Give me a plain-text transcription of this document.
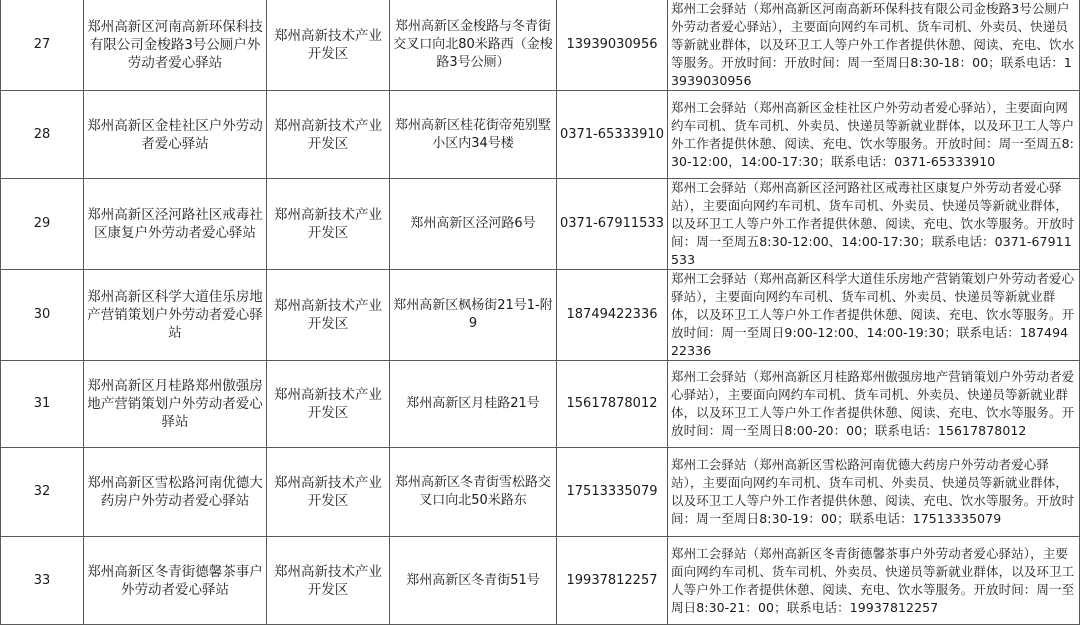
27	郑州高新区河南高新环保科技有限公司金梭路3号公厕户外劳动者爱心驿站	郑州高新技术产业开发区	郑州高新区金梭路与冬青街交叉口向北80米路西（金梭路3号公厕）	13939030956	郑州工会驿站（郑州高新区河南高新环保科技有限公司金梭路3号公厕户外劳动者爱心驿站），主要面向网约车司机、货车司机、外卖员、快递员等新就业群体，以及环卫工人等户外工作者提供休憩、阅读、充电、饮水等服务。开放时间：开放时间：周一至周日8:30-18：00；联系电话：13939030956
28	郑州高新区金桂社区户外劳动者爱心驿站	郑州高新技术产业开发区	郑州高新区桂花街帝苑别墅小区内34号楼	0371-65333910	郑州工会驿站（郑州高新区金桂社区户外劳动者爱心驿站），主要面向网约车司机、货车司机、外卖员、快递员等新就业群体，以及环卫工人等户外工作者提供休憩、阅读、充电、饮水等服务。开放时间：周一至周五8:30-12:00，14:00-17:30；联系电话：0371-65333910
29	郑州高新区泾河路社区戒毒社区康复户外劳动者爱心驿站	郑州高新技术产业开发区	郑州高新区泾河路6号	0371-67911533	郑州工会驿站（郑州高新区泾河路社区戒毒社区康复户外劳动者爱心驿站），主要面向网约车司机、货车司机、外卖员、快递员等新就业群体，以及环卫工人等户外工作者提供休憩、阅读、充电、饮水等服务。开放时间：周一至周五8:30-12:00、14:00-17:30；联系电话：0371-67911533
30	郑州高新区科学大道佳乐房地产营销策划户外劳动者爱心驿站	郑州高新技术产业开发区	郑州高新区枫杨街21号1-附9	18749422336	郑州工会驿站（郑州高新区科学大道佳乐房地产营销策划户外劳动者爱心驿站），主要面向网约车司机、货车司机、外卖员、快递员等新就业群体，以及环卫工人等户外工作者提供休憩、阅读、充电、饮水等服务。开放时间：周一至周日9:00-12:00、14:00-19:30；联系电话：18749422336
31	郑州高新区月桂路郑州傲强房地产营销策划户外劳动者爱心驿站	郑州高新技术产业开发区	郑州高新区月桂路21号	15617878012	郑州工会驿站（郑州高新区月桂路郑州傲强房地产营销策划户外劳动者爱心驿站），主要面向网约车司机、货车司机、外卖员、快递员等新就业群体，以及环卫工人等户外工作者提供休憩、阅读、充电、饮水等服务。开放时间：周一至周日8:00-20：00；联系电话：15617878012
32	郑州高新区雪松路河南优德大药房户外劳动者爱心驿站	郑州高新技术产业开发区	郑州高新区冬青街雪松路交叉口向北50米路东	17513335079	郑州工会驿站（郑州高新区雪松路河南优德大药房户外劳动者爱心驿站），主要面向网约车司机、货车司机、外卖员、快递员等新就业群体，以及环卫工人等户外工作者提供休憩、阅读、充电、饮水等服务。开放时间：周一至周日8:30-19：00；联系电话：17513335079
33	郑州高新区冬青街德馨茶事户外劳动者爱心驿站	郑州高新技术产业开发区	郑州高新区冬青街51号	19937812257	郑州工会驿站（郑州高新区冬青街德馨茶事户外劳动者爱心驿站），主要面向网约车司机、货车司机、外卖员、快递员等新就业群体，以及环卫工人等户外工作者提供休憩、阅读、充电、饮水等服务。开放时间：周一至周日8:30-21：00；联系电话：19937812257
